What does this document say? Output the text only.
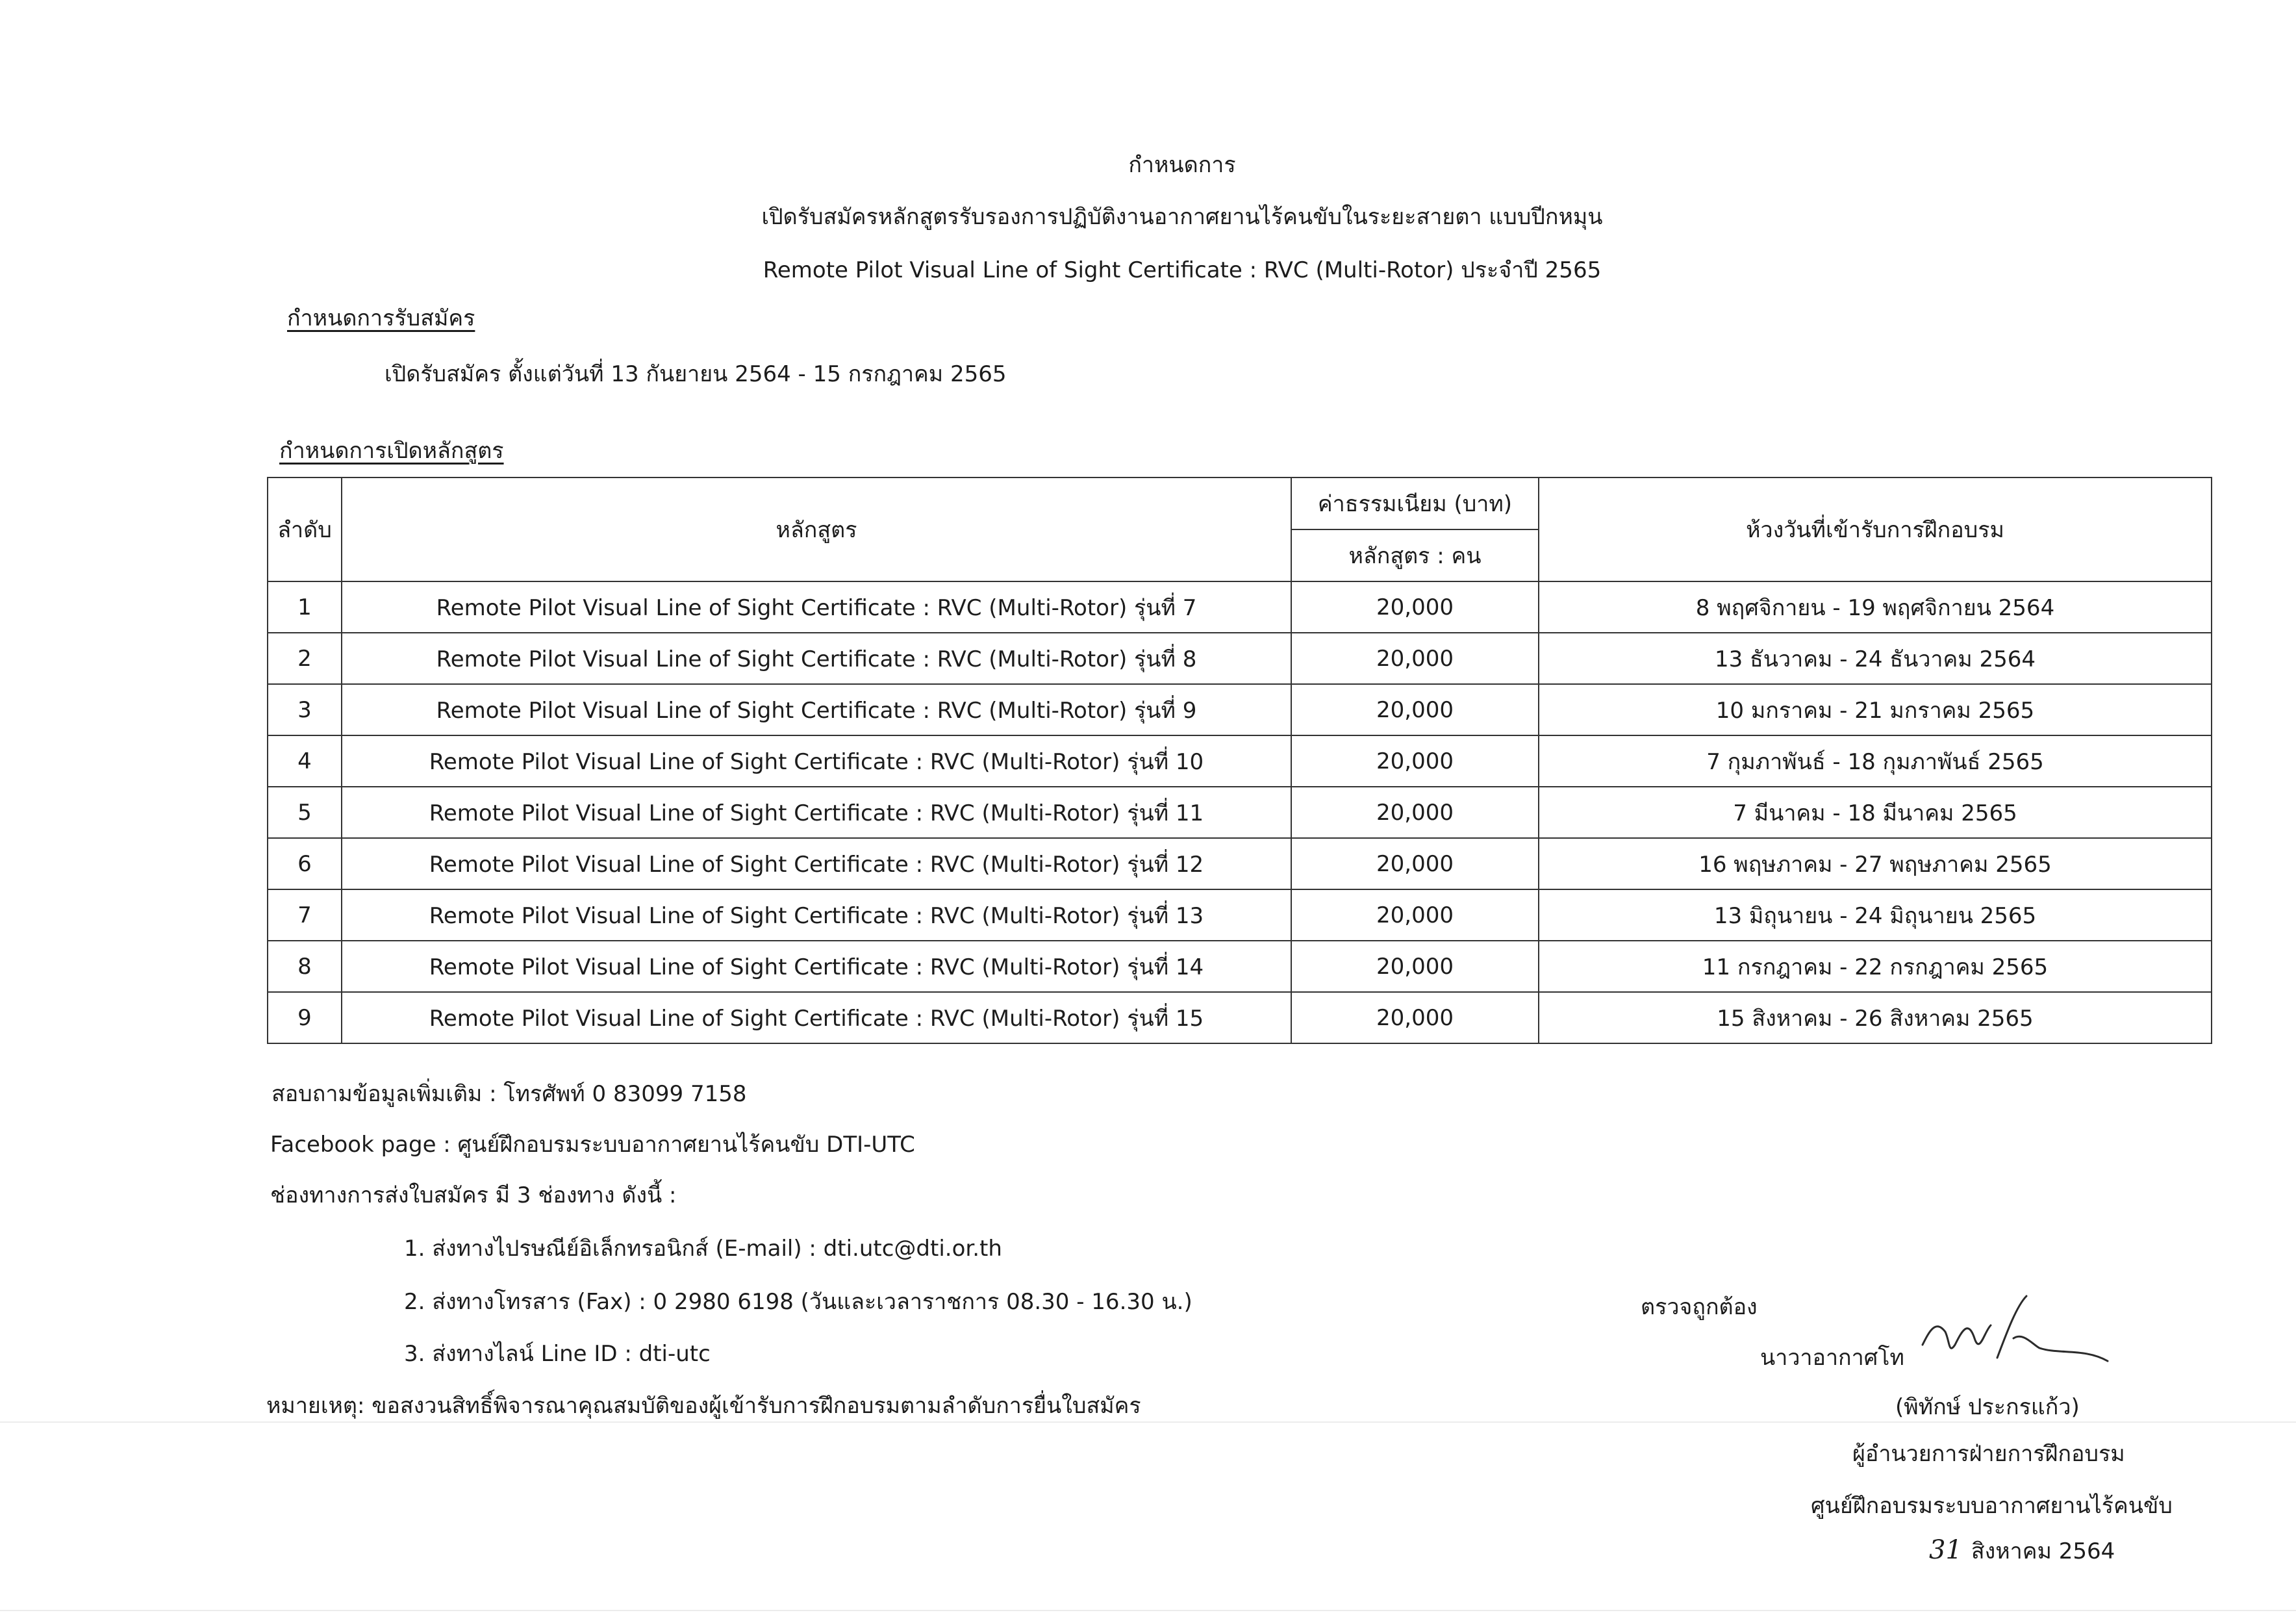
กำหนดการ
เปิดรับสมัครหลักสูตรรับรองการปฏิบัติงานอากาศยานไร้คนขับในระยะสายตา แบบปีกหมุน
Remote Pilot Visual Line of Sight Certificate : RVC (Multi-Rotor) ประจำปี 2565
กำหนดการรับสมัคร
เปิดรับสมัคร ตั้งแต่วันที่ 13 กันยายน 2564 - 15 กรกฎาคม 2565
กำหนดการเปิดหลักสูตร
ลำดับ	หลักสูตร	ค่าธรรมเนียม (บาท)	ห้วงวันที่เข้ารับการฝึกอบรม
		หลักสูตร : คน	
1	Remote Pilot Visual Line of Sight Certificate : RVC (Multi-Rotor) รุ่นที่ 7	20,000	8 พฤศจิกายน - 19 พฤศจิกายน 2564
2	Remote Pilot Visual Line of Sight Certificate : RVC (Multi-Rotor) รุ่นที่ 8	20,000	13 ธันวาคม - 24 ธันวาคม 2564
3	Remote Pilot Visual Line of Sight Certificate : RVC (Multi-Rotor) รุ่นที่ 9	20,000	10 มกราคม - 21 มกราคม 2565
4	Remote Pilot Visual Line of Sight Certificate : RVC (Multi-Rotor) รุ่นที่ 10	20,000	7 กุมภาพันธ์ - 18 กุมภาพันธ์ 2565
5	Remote Pilot Visual Line of Sight Certificate : RVC (Multi-Rotor) รุ่นที่ 11	20,000	7 มีนาคม - 18 มีนาคม 2565
6	Remote Pilot Visual Line of Sight Certificate : RVC (Multi-Rotor) รุ่นที่ 12	20,000	16 พฤษภาคม - 27 พฤษภาคม 2565
7	Remote Pilot Visual Line of Sight Certificate : RVC (Multi-Rotor) รุ่นที่ 13	20,000	13 มิถุนายน - 24 มิถุนายน 2565
8	Remote Pilot Visual Line of Sight Certificate : RVC (Multi-Rotor) รุ่นที่ 14	20,000	11 กรกฎาคม - 22 กรกฎาคม 2565
9	Remote Pilot Visual Line of Sight Certificate : RVC (Multi-Rotor) รุ่นที่ 15	20,000	15 สิงหาคม - 26 สิงหาคม 2565
สอบถามข้อมูลเพิ่มเติม : โทรศัพท์ 0 83099 7158
Facebook page : ศูนย์ฝึกอบรมระบบอากาศยานไร้คนขับ DTI-UTC
ช่องทางการส่งใบสมัคร มี 3 ช่องทาง ดังนี้ :
1. ส่งทางไปรษณีย์อิเล็กทรอนิกส์ (E-mail) : dti.utc@dti.or.th
2. ส่งทางโทรสาร (Fax) : 0 2980 6198 (วันและเวลาราชการ 08.30 - 16.30 น.)
3. ส่งทางไลน์ Line ID : dti-utc
หมายเหตุ: ขอสงวนสิทธิ์พิจารณาคุณสมบัติของผู้เข้ารับการฝึกอบรมตามลำดับการยื่นใบสมัคร
ตรวจถูกต้อง
นาวาอากาศโท
(พิทักษ์ ประกรแก้ว)
ผู้อำนวยการฝ่ายการฝึกอบรม
ศูนย์ฝึกอบรมระบบอากาศยานไร้คนขับ
31 สิงหาคม 2564
